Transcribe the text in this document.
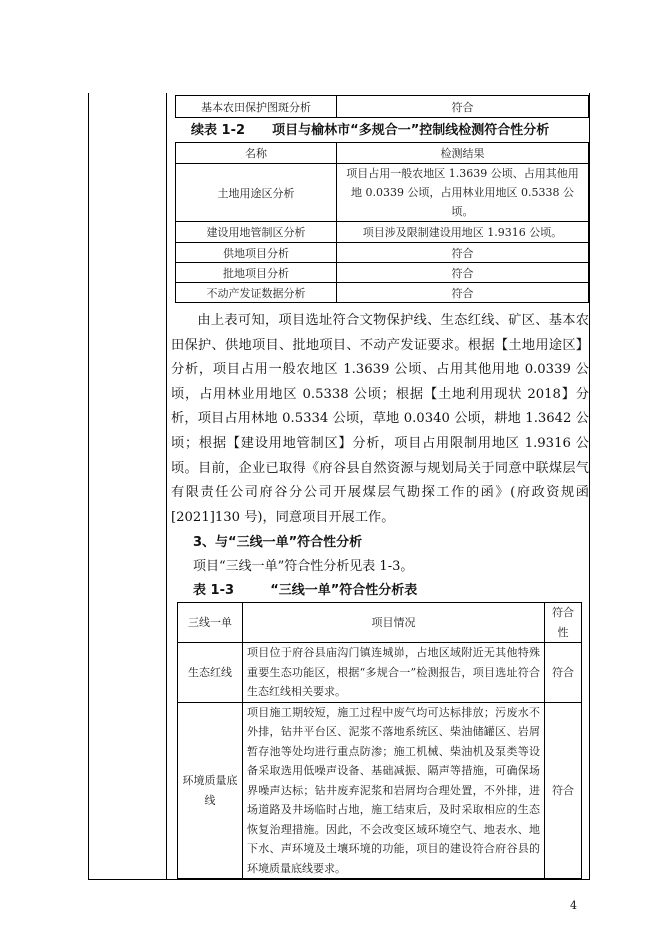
基本农田保护图斑分析	符合
续表 1-2      项目与榆林市“多规合一”控制线检测符合性分析
名称	检测结果
土地用途区分析	项目占用一般农地区 1.3639 公顷、占用其他用地 0.0339 公顷，占用林业用地区 0.5338 公顷。
建设用地管制区分析	项目涉及限制建设用地区 1.9316 公顷。
供地项目分析	符合
批地项目分析	符合
不动产发证数据分析	符合
由上表可知，项目选址符合文物保护线、生态红线、矿区、基本农田保护、供地项目、批地项目、不动产发证要求。根据【土地用途区】分析，项目占用一般农地区 1.3639 公顷、占用其他用地 0.0339 公顷，占用林业用地区 0.5338 公顷；根据【土地利用现状 2018】分析，项目占用林地 0.5334 公顷，草地 0.0340 公顷，耕地 1.3642 公顷；根据【建设用地管制区】分析，项目占用限制用地区 1.9316 公顷。目前，企业已取得《府谷县自然资源与规划局关于同意中联煤层气有限责任公司府谷分公司开展煤层气勘探工作的函》(府政资规函[2021]130 号)，同意项目开展工作。
3、与“三线一单”符合性分析
项目“三线一单”符合性分析见表 1-3。
表 1-3        “三线一单”符合性分析表
三线一单	项目情况	符合性
生态红线	项目位于府谷县庙沟门镇连城峁，占地区域附近无其他特殊重要生态功能区，根据“多规合一”检测报告，项目选址符合生态红线相关要求。	符合
环境质量底线	项目施工期较短，施工过程中废气均可达标排放；污废水不外排，钻井平台区、泥浆不落地系统区、柴油储罐区、岩屑暂存池等处均进行重点防渗；施工机械、柴油机及泵类等设备采取选用低噪声设备、基础减振、隔声等措施，可确保场界噪声达标；钻井废弃泥浆和岩屑均合理处置，不外排，进场道路及井场临时占地，施工结束后，及时采取相应的生态恢复治理措施。因此，不会改变区域环境空气、地表水、地下水、声环境及土壤环境的功能，项目的建设符合府谷县的环境质量底线要求。	符合
4
